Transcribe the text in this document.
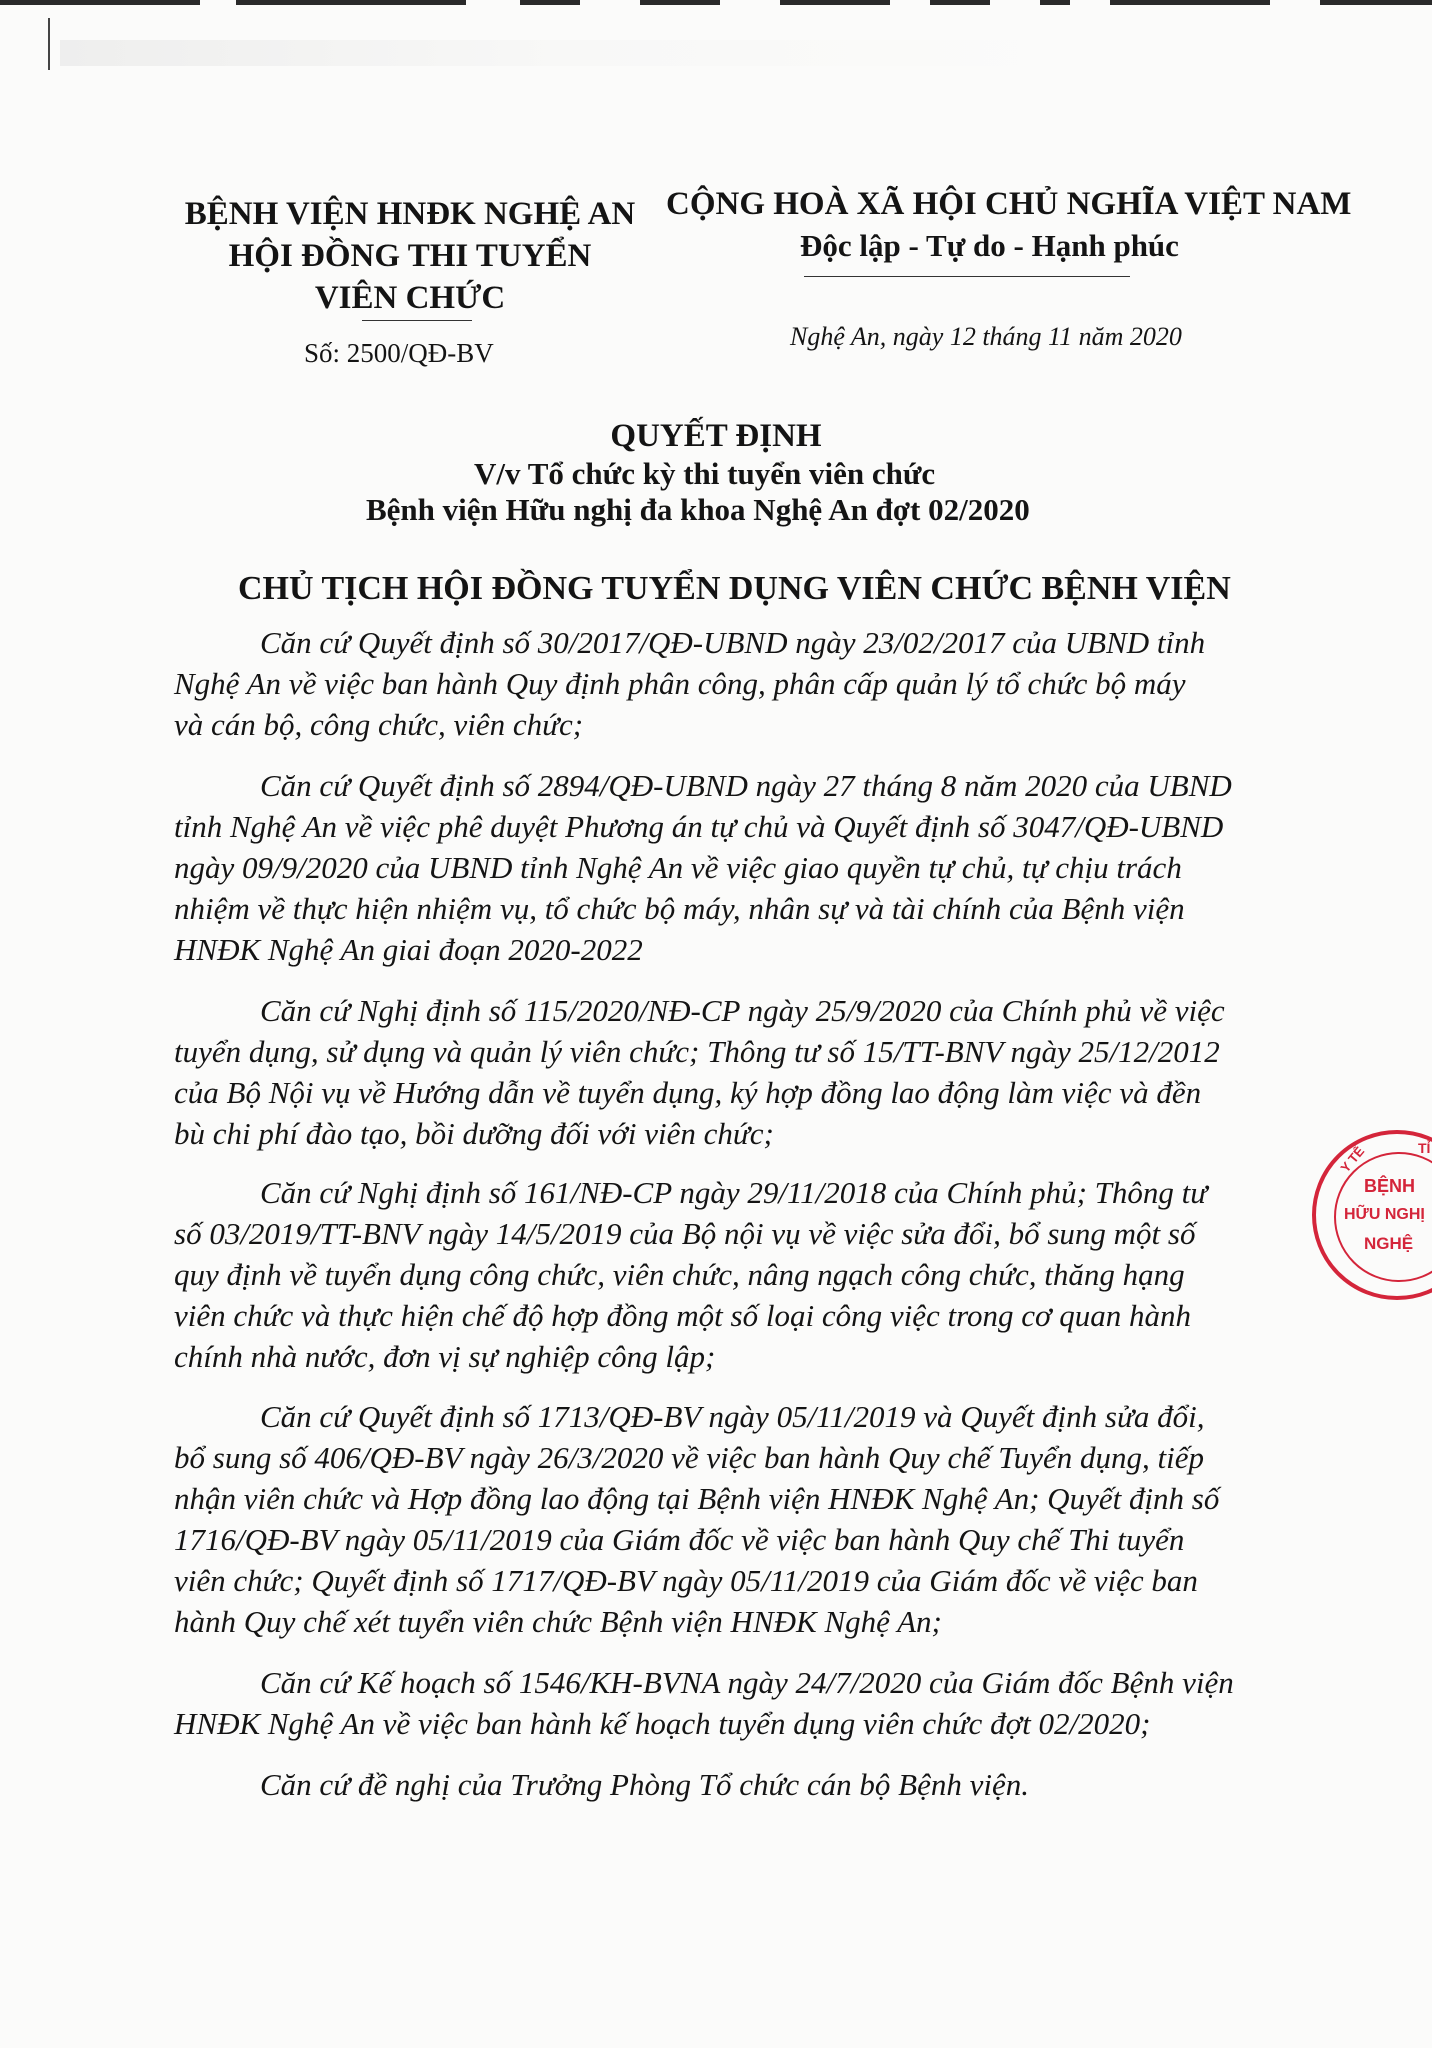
BỆNH VIỆN HNĐK NGHỆ AN
HỘI ĐỒNG THI TUYỂN
VIÊN CHỨC
Số: 2500/QĐ-BV
CỘNG HOÀ XÃ HỘI CHỦ NGHĨA VIỆT NAM
Độc lập - Tự do - Hạnh phúc
Nghệ An, ngày 12 tháng 11 năm 2020
QUYẾT ĐỊNH
V/v Tổ chức kỳ thi tuyển viên chức
Bệnh viện Hữu nghị đa khoa Nghệ An đợt 02/2020
CHỦ TỊCH HỘI ĐỒNG TUYỂN DỤNG VIÊN CHỨC BỆNH VIỆN
Căn cứ Quyết định số 30/2017/QĐ-UBND ngày 23/02/2017 của UBND tỉnh
Nghệ An về việc ban hành Quy định phân công, phân cấp quản lý tổ chức bộ máy
và cán bộ, công chức, viên chức;
Căn cứ Quyết định số 2894/QĐ-UBND ngày 27 tháng 8 năm 2020 của UBND
tỉnh Nghệ An về việc phê duyệt Phương án tự chủ và Quyết định số 3047/QĐ-UBND
ngày 09/9/2020 của UBND tỉnh Nghệ An về việc giao quyền tự chủ, tự chịu trách
nhiệm về thực hiện nhiệm vụ, tổ chức bộ máy, nhân sự và tài chính của Bệnh viện
HNĐK Nghệ An giai đoạn 2020-2022
Căn cứ Nghị định số 115/2020/NĐ-CP ngày 25/9/2020 của Chính phủ về việc
tuyển dụng, sử dụng và quản lý viên chức; Thông tư số 15/TT-BNV ngày 25/12/2012
của Bộ Nội vụ về Hướng dẫn về tuyển dụng, ký hợp đồng lao động làm việc và đền
bù chi phí đào tạo, bồi dưỡng đối với viên chức;
Căn cứ Nghị định số 161/NĐ-CP ngày 29/11/2018 của Chính phủ; Thông tư
số 03/2019/TT-BNV ngày 14/5/2019 của Bộ nội vụ về việc sửa đổi, bổ sung một số
quy định về tuyển dụng công chức, viên chức, nâng ngạch công chức, thăng hạng
viên chức và thực hiện chế độ hợp đồng một số loại công việc trong cơ quan hành
chính nhà nước, đơn vị sự nghiệp công lập;
Căn cứ Quyết định số 1713/QĐ-BV ngày 05/11/2019 và Quyết định sửa đổi,
bổ sung số 406/QĐ-BV ngày 26/3/2020 về việc ban hành Quy chế Tuyển dụng, tiếp
nhận viên chức và Hợp đồng lao động tại Bệnh viện HNĐK Nghệ An; Quyết định số
1716/QĐ-BV ngày 05/11/2019 của Giám đốc về việc ban hành Quy chế Thi tuyển
viên chức; Quyết định số 1717/QĐ-BV ngày 05/11/2019 của Giám đốc về việc ban
hành Quy chế xét tuyển viên chức Bệnh viện HNĐK Nghệ An;
Căn cứ Kế hoạch số 1546/KH-BVNA ngày 24/7/2020 của Giám đốc Bệnh viện
HNĐK Nghệ An về việc ban hành kế hoạch tuyển dụng viên chức đợt 02/2020;
Căn cứ đề nghị của Trưởng Phòng Tổ chức cán bộ Bệnh viện.
BỆNH
HỮU NGHỊ
NGHỆ
Y TẾ	TỈ
